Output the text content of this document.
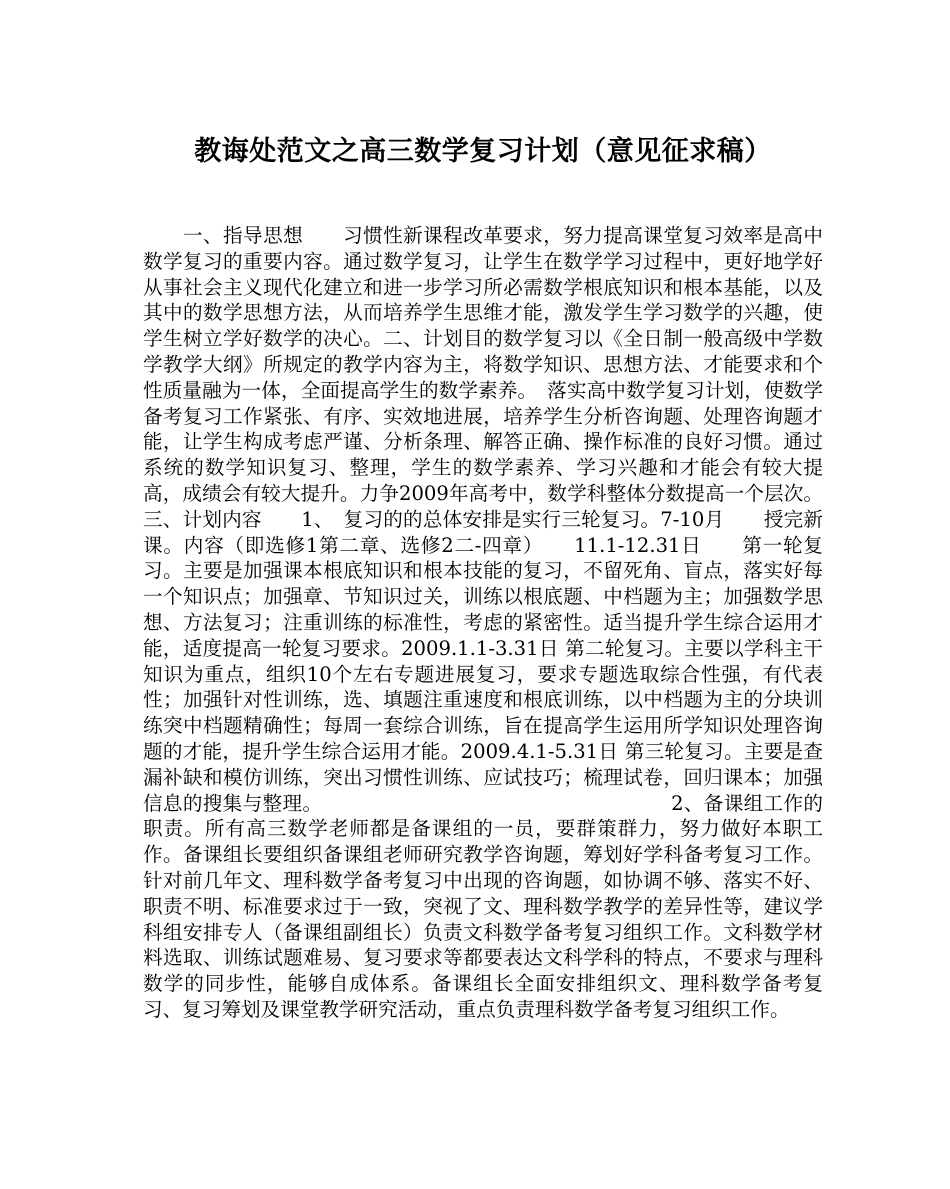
教诲处范文之高三数学复习计划（意见征求稿）

　　一、指导思想　　习惯性新课程改革要求，努力提高课堂复习效率是高中数学复习的重要内容。通过数学复习，让学生在数学学习过程中，更好地学好从事社会主义现代化建立和进一步学习所必需数学根底知识和根本基能，以及其中的数学思想方法，从而培养学生思维才能，激发学生学习数学的兴趣，使学生树立学好数学的决心。二、计划目的数学复习以《全日制一般高级中学数学教学大纲》所规定的教学内容为主，将数学知识、思想方法、才能要求和个性质量融为一体，全面提高学生的数学素养。　落实高中数学复习计划，使数学备考复习工作紧张、有序、实效地进展，培养学生分析咨询题、处理咨询题才能，让学生构成考虑严谨、分析条理、解答正确、操作标准的良好习惯。通过系统的数学知识复习、整理，学生的数学素养、学习兴趣和才能会有较大提高，成绩会有较大提升。力争2009年高考中，数学科整体分数提高一个层次。三、计划内容　　1、　复习的的总体安排是实行三轮复习。7-10月　　授完新课。内容（即选修1第二章、选修2二-四章）　　11.1-12.31日　　第一轮复习。主要是加强课本根底知识和根本技能的复习，不留死角、盲点，落实好每一个知识点；加强章、节知识过关，训练以根底题、中档题为主；加强数学思想、方法复习；注重训练的标准性，考虑的紧密性。适当提升学生综合运用才能，适度提高一轮复习要求。2009.1.1-3.31日 第二轮复习。主要以学科主干知识为重点，组织10个左右专题进展复习，要求专题选取综合性强，有代表性；加强针对性训练，选、填题注重速度和根底训练，以中档题为主的分块训练突中档题精确性；每周一套综合训练，旨在提高学生运用所学知识处理咨询题的才能，提升学生综合运用才能。2009.4.1-5.31日 第三轮复习。主要是查漏补缺和模仿训练，突出习惯性训练、应试技巧；梳理试卷，回归课本；加强信息的搜集与整理。　　　　　　　　　　　　　　　　　　2、备课组工作的职责。所有高三数学老师都是备课组的一员，要群策群力，努力做好本职工作。备课组长要组织备课组老师研究教学咨询题，筹划好学科备考复习工作。针对前几年文、理科数学备考复习中出现的咨询题，如协调不够、落实不好、职责不明、标准要求过于一致，突视了文、理科数学教学的差异性等，建议学科组安排专人（备课组副组长）负责文科数学备考复习组织工作。文科数学材料选取、训练试题难易、复习要求等都要表达文科学科的特点，不要求与理科数学的同步性，能够自成体系。备课组长全面安排组织文、理科数学备考复习、复习筹划及课堂教学研究活动，重点负责理科数学备考复习组织工作。
